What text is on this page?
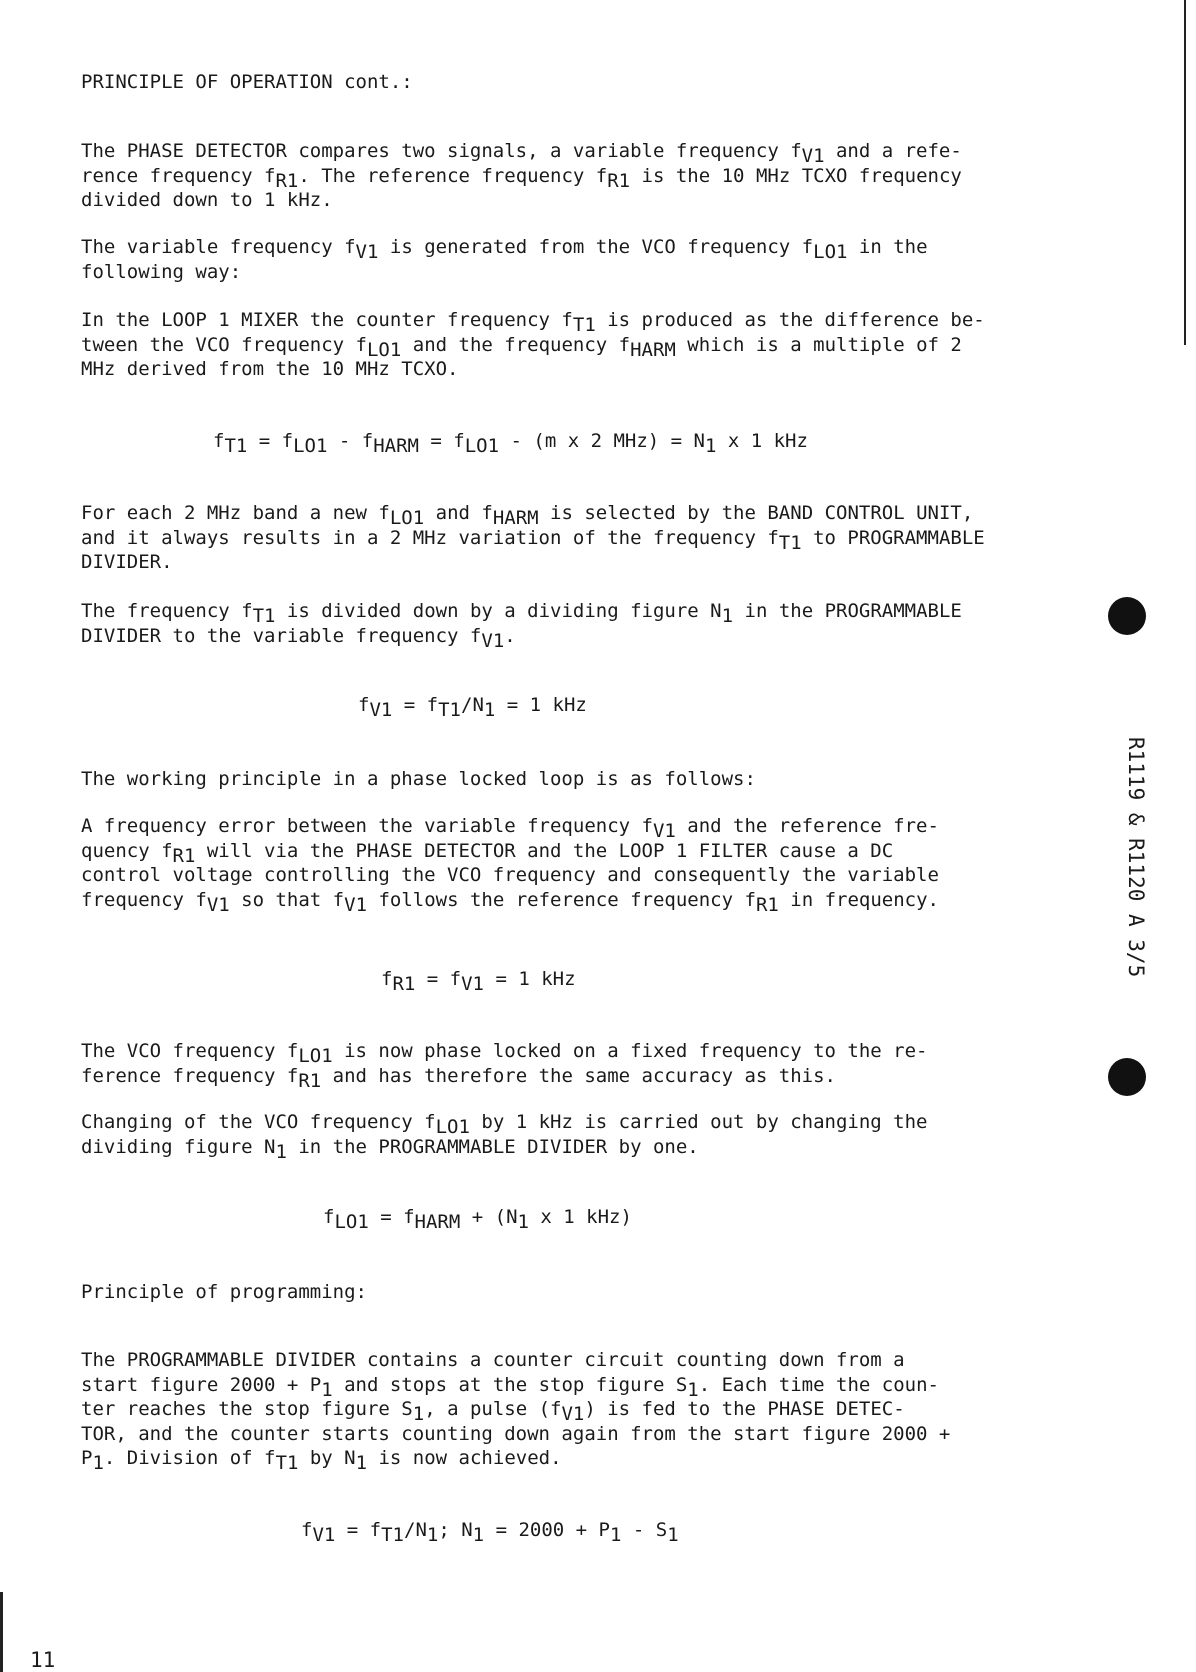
R1119 & R1120 A 3/5
PRINCIPLE OF OPERATION cont.:
The PHASE DETECTOR compares two signals, a variable frequency $f_{V1}$ and a refe-
rence frequency $f_{R1}$. The reference frequency $f_{R1}$ is the 10 MHz TCXO frequency
divided down to 1 kHz.
The variable frequency $f_{V1}$ is generated from the VCO frequency $f_{LO1}$ in the
following way:
In the LOOP 1 MIXER the counter frequency $f_{T1}$ is produced as the difference be-
tween the VCO frequency $f_{LO1}$ and the frequency $f_{HARM}$ which is a multiple of 2
MHz derived from the 10 MHz TCXO.
$f_{T1} = f_{LO1} - f_{HARM} = f_{LO1} - (m$ x 2 $MHz) = N_1$ x 1 kHz
For each 2 MHz band a new $f_{LO1}$ and $f_{HARM}$ is selected by the BAND CONTROL UNIT,
and it always results in a 2 MHz variation of the frequency $f_{T1}$ to PROGRAMMABLE
DIVIDER.
The frequency $f_{T1}$ is divided down by a dividing figure $N_1$ in the PROGRAMMABLE
DIVIDER to the variable frequency $f_{V1}$.
$f_{V1} = f_{T1}/N_1 = 1$ kHz
The working principle in a phase locked loop is as follows:
A frequency error between the variable frequency $f_{V1}$ and the reference fre-
quency $f_{R1}$ will via the PHASE DETECTOR and the LOOP 1 FILTER cause a DC
control voltage controlling the VCO frequency and consequently the variable
frequency $f_{V1}$ so that $f_{V1}$ follows the reference frequency $f_{R1}$ in frequency.
$f_{R1} = f_{V1} = 1$ kHz
The VCO frequency $f_{LO1}$ is now phase locked on a fixed frequency to the re-
ference frequency $f_{R1}$ and has therefore the same accuracy as this.
Changing of the VCO frequency $f_{LO1}$ by 1 kHz is carried out by changing the
dividing figure $N_1$ in the PROGRAMMABLE DIVIDER by one.
$f_{LO1} = f_{HARM} + (N_1$ x 1 kHz)
Principle of programming:
The PROGRAMMABLE DIVIDER contains a counter circuit counting down from a
start figure $2000 + P_1$ and stops at the stop figure $S_1$. Each time the coun-
ter reaches the stop figure $S_1$, a pulse $(f_{V1})$ is fed to the PHASE DETEC-
TOR, and the counter starts counting down again from the start figure 2000 +
$P_1$. Division of $f_{T1}$ by $N_1$ is now achieved.
$f_{V1} = f_{T1}/N_1$; $N_1 = 2000 + P_1 - S_1$
11
